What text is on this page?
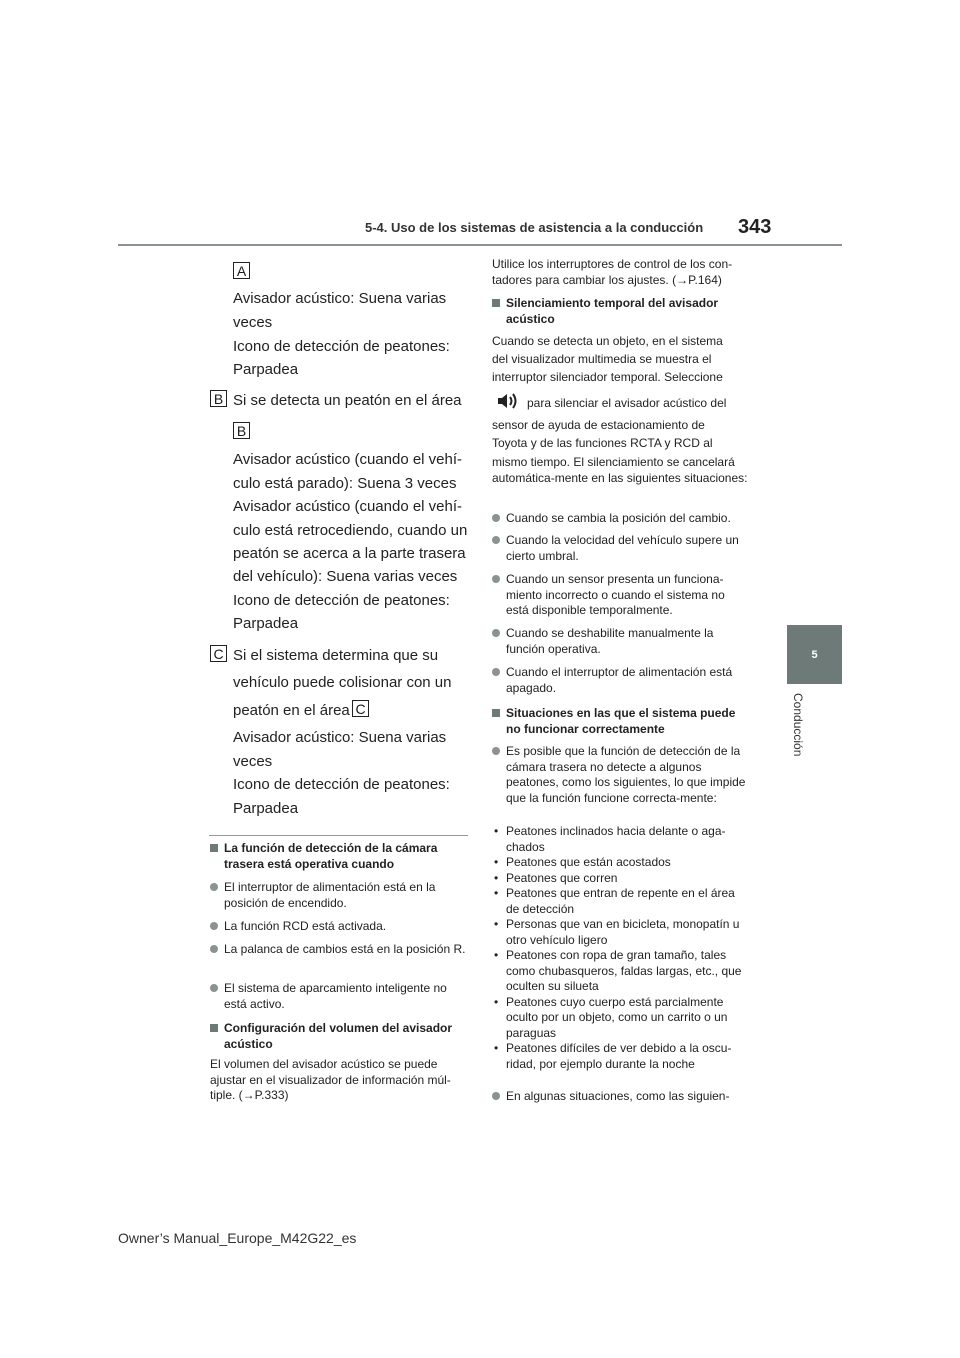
5-4. Uso de los sistemas de asistencia a la conducción 343
5
Conducción
A
Avisador acústico: Suena varias
veces
Icono de detección de peatones:
Parpadea
B Si se detecta un peatón en el área
B
Avisador acústico (cuando el vehí-
culo está parado): Suena 3 veces
Avisador acústico (cuando el vehí-
culo está retrocediendo, cuando un
peatón se acerca a la parte trasera
del vehículo): Suena varias veces
Icono de detección de peatones:
Parpadea
C Si el sistema determina que su
vehículo puede colisionar con un
peatón en el área C
Avisador acústico: Suena varias
veces
Icono de detección de peatones:
Parpadea
La función de detección de la cámara trasera está operativa cuando
El interruptor de alimentación está en la posición de encendido.
La función RCD está activada.
La palanca de cambios está en la posición R.
El sistema de aparcamiento inteligente no está activo.
Configuración del volumen del avisador acústico
El volumen del avisador acústico se puede ajustar en el visualizador de información múl-tiple. (→P.333)
Utilice los interruptores de control de los con-tadores para cambiar los ajustes. (→P.164)
Silenciamiento temporal del avisador acústico
Cuando se detecta un objeto, en el sistema
del visualizador multimedia se muestra el
interruptor silenciador temporal. Seleccione
para silenciar el avisador acústico del
sensor de ayuda de estacionamiento de
Toyota y de las funciones RCTA y RCD al
mismo tiempo. El silenciamiento se cancelará automática-mente en las siguientes situaciones:
Cuando se cambia la posición del cambio.
Cuando la velocidad del vehículo supere un cierto umbral.
Cuando un sensor presenta un funciona-miento incorrecto o cuando el sistema no está disponible temporalmente.
Cuando se deshabilite manualmente la función operativa.
Cuando el interruptor de alimentación está apagado.
Situaciones en las que el sistema puede no funcionar correctamente
Es posible que la función de detección de la cámara trasera no detecte a algunos peatones, como los siguientes, lo que impide que la función funcione correcta-mente:
• Peatones inclinados hacia delante o aga-chados
• Peatones que están acostados
• Peatones que corren
• Peatones que entran de repente en el área de detección
• Personas que van en bicicleta, monopatín u otro vehículo ligero
• Peatones con ropa de gran tamaño, tales como chubasqueros, faldas largas, etc., que oculten su silueta
• Peatones cuyo cuerpo está parcialmente oculto por un objeto, como un carrito o un paraguas
• Peatones difíciles de ver debido a la oscu-ridad, por ejemplo durante la noche
En algunas situaciones, como las siguien-
Owner’s Manual_Europe_M42G22_es
